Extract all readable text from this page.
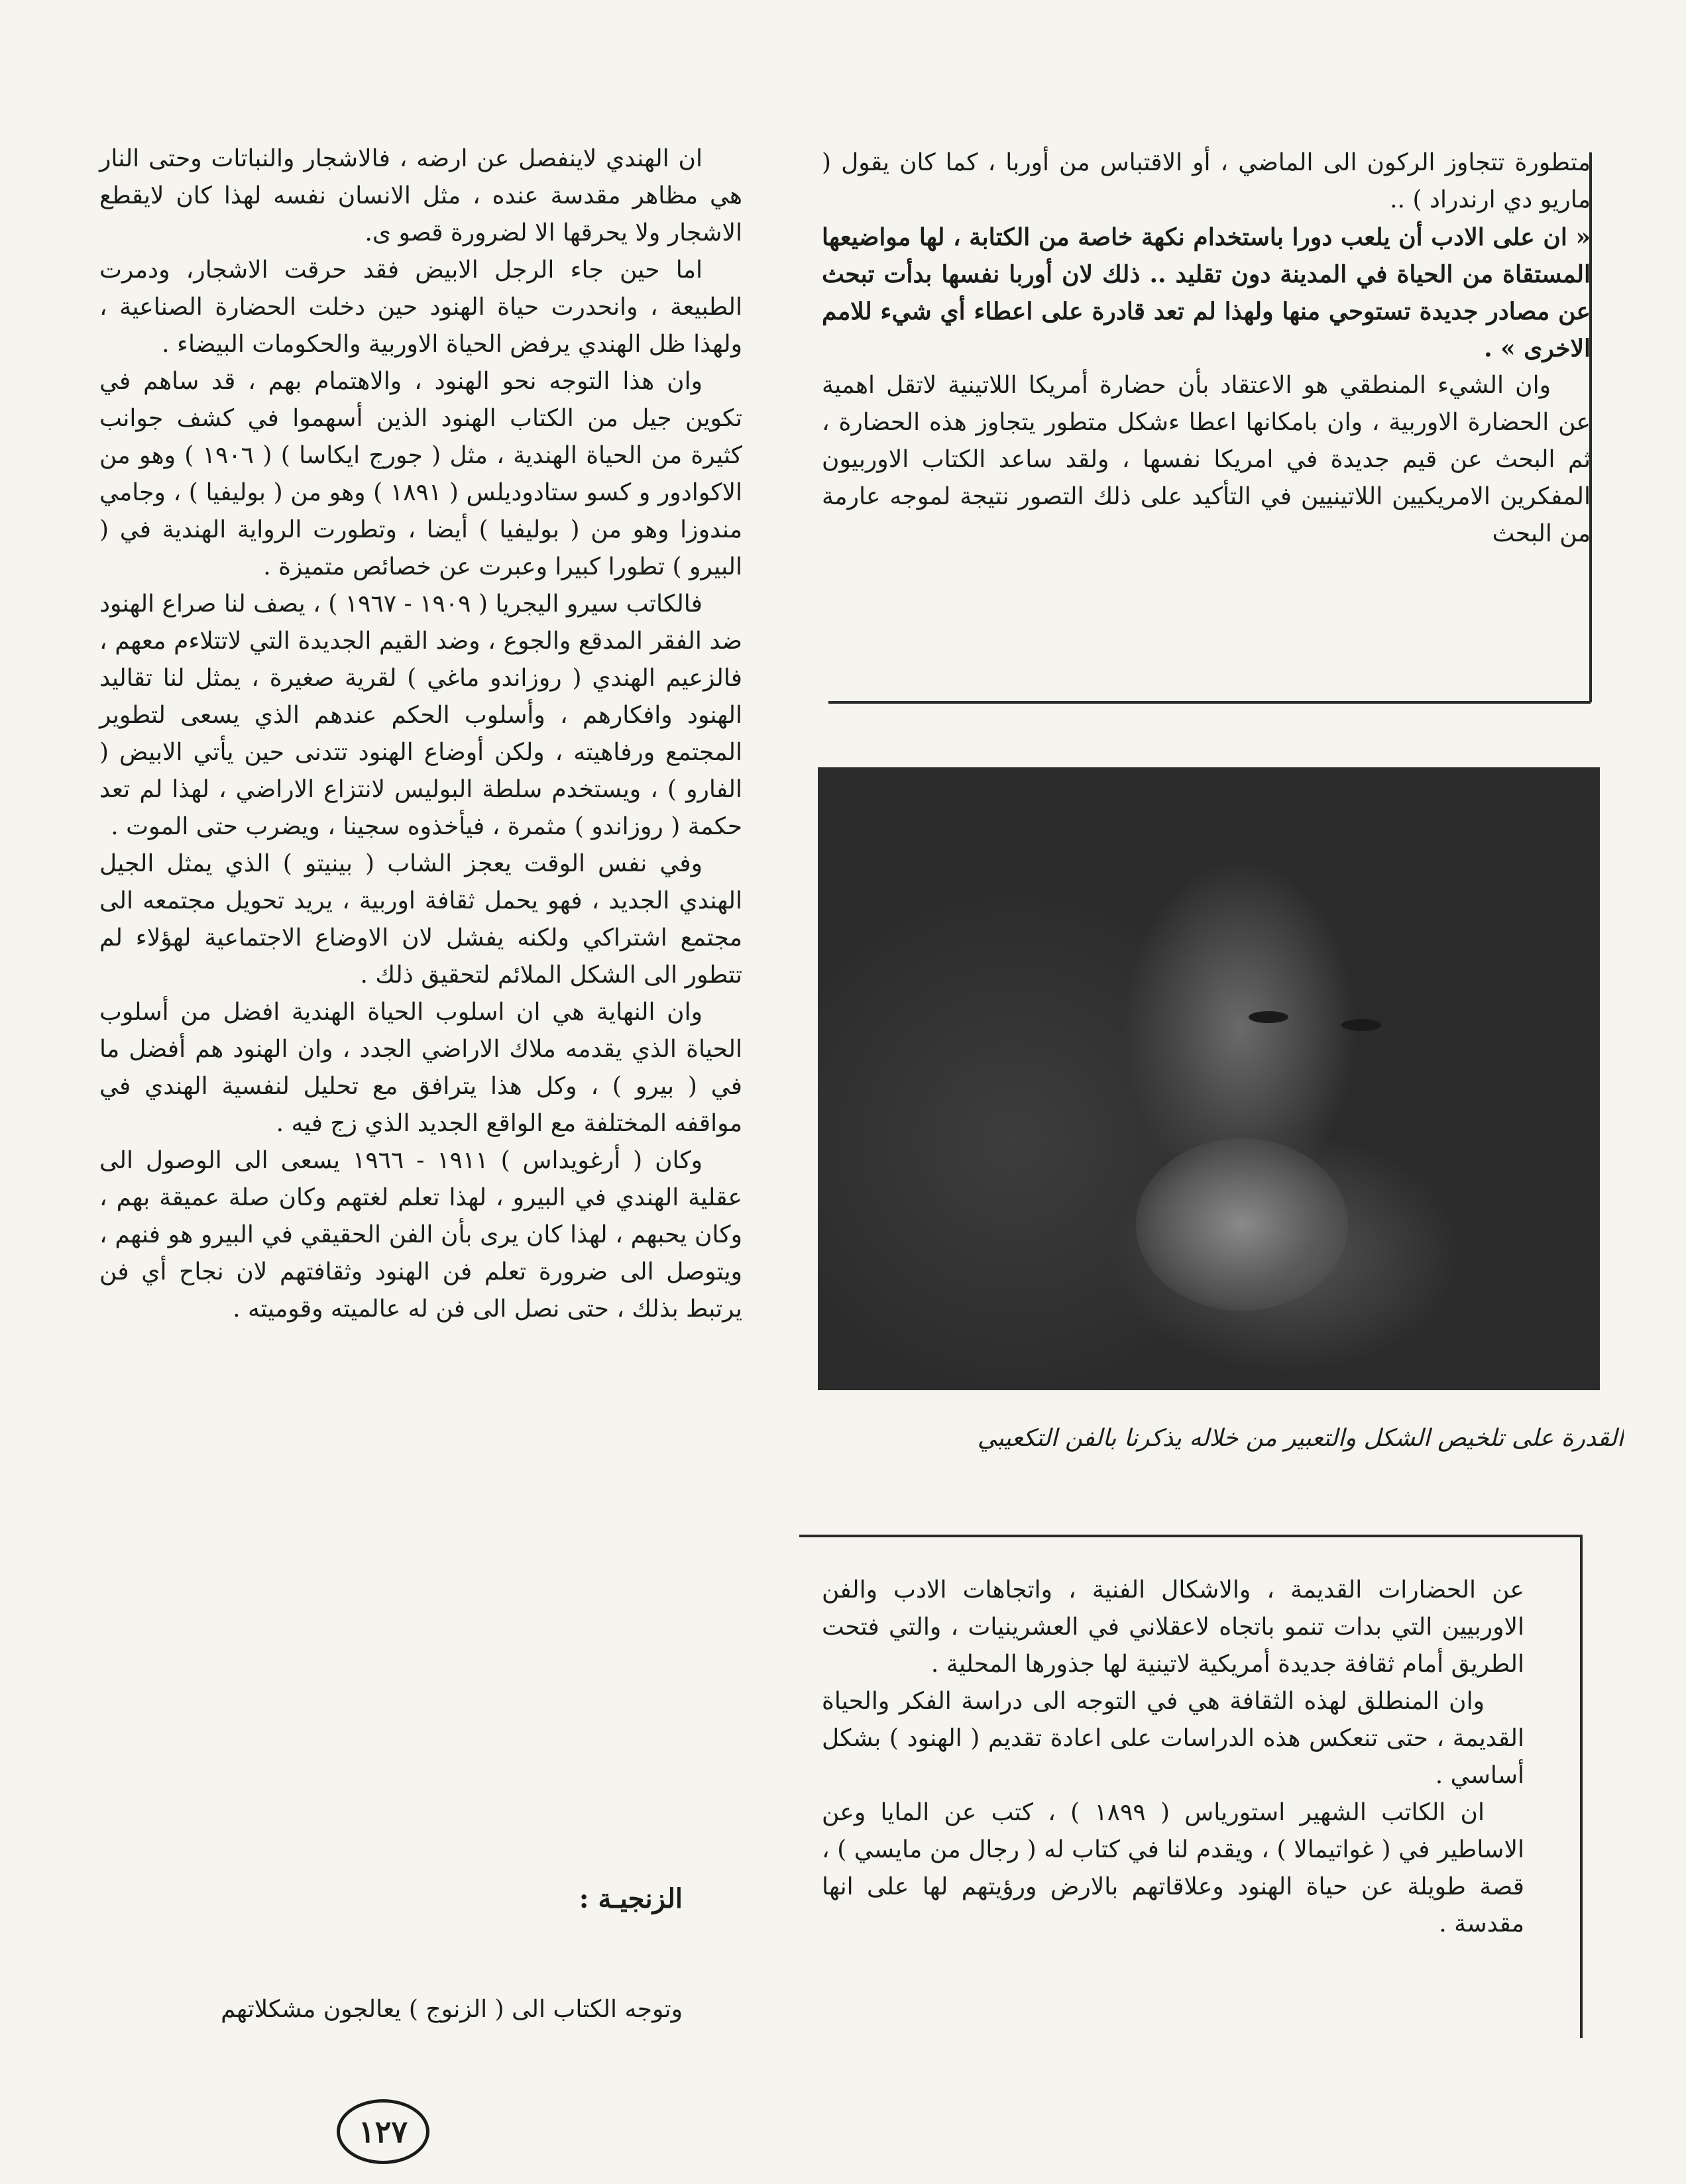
متطورة تتجاوز الركون الى الماضي ، أو الاقتباس من أوربا ، كما كان يقول ( ماريو دي ارندراد ) ..

« ان على الادب أن يلعب دورا باستخدام نكهة خاصة من الكتابة ، لها مواضيعها المستقاة من الحياة في المدينة دون تقليد .. ذلك لان أوربا نفسها بدأت تبحث عن مصادر جديدة تستوحي منها ولهذا لم تعد قادرة على اعطاء أي شيء للامم الاخرى » .

وان الشيء المنطقي هو الاعتقاد بأن حضارة أمريكا اللاتينية لاتقل اهمية عن الحضارة الاوربية ، وان بامكانها اعطا ءشكل متطور يتجاوز هذه الحضارة ، ثم البحث عن قيم جديدة في امريكا نفسها ، ولقد ساعد الكتاب الاوربيون المفكرين الامريكيين اللاتينيين في التأكيد على ذلك التصور نتيجة لموجه عارمة من البحث

القدرة على تلخيص الشكل والتعبير من خلاله يذكرنا بالفن التكعيبي

عن الحضارات القديمة ، والاشكال الفنية ، واتجاهات الادب والفن الاوربيين التي بدات تنمو باتجاه لاعقلاني في العشرينيات ، والتي فتحت الطريق أمام ثقافة جديدة أمريكية لاتينية لها جذورها المحلية .

وان المنطلق لهذه الثقافة هي في التوجه الى دراسة الفكر والحياة القديمة ، حتى تنعكس هذه الدراسات على اعادة تقديم ( الهنود ) بشكل أساسي .

ان الكاتب الشهير استورياس ( ١٨٩٩ ) ، كتب عن المايا وعن الاساطير في ( غواتيمالا ) ، ويقدم لنا في كتاب له ( رجال من مايسي ) ، قصة طويلة عن حياة الهنود وعلاقاتهم بالارض ورؤيتهم لها على انها مقدسة .

ان الهندي لاينفصل عن ارضه ، فالاشجار والنباتات وحتى النار هي مظاهر مقدسة عنده ، مثل الانسان نفسه لهذا كان لايقطع الاشجار ولا يحرقها الا لضرورة قصو ى.

اما حين جاء الرجل الابيض فقد حرقت الاشجار، ودمرت الطبيعة ، وانحدرت حياة الهنود حين دخلت الحضارة الصناعية ، ولهذا ظل الهندي يرفض الحياة الاوربية والحكومات البيضاء .

وان هذا التوجه نحو الهنود ، والاهتمام بهم ، قد ساهم في تكوين جيل من الكتاب الهنود الذين أسهموا في كشف جوانب كثيرة من الحياة الهندية ، مثل ( جورج ايكاسا ) ( ١٩٠٦ ) وهو من الاكوادور و كسو ستادوديلس ( ١٨٩١ ) وهو من ( بوليفيا ) ، وجامي مندوزا وهو من ( بوليفيا ) أيضا ، وتطورت الرواية الهندية في ( البيرو ) تطورا كبيرا وعبرت عن خصائص متميزة .

فالكاتب سيرو اليجريا ( ١٩٠٩ - ١٩٦٧ ) ، يصف لنا صراع الهنود ضد الفقر المدقع والجوع ، وضد القيم الجديدة التي لاتتلاءم معهم ، فالزعيم الهندي ( روزاندو ماغي ) لقرية صغيرة ، يمثل لنا تقاليد الهنود وافكارهم ، وأسلوب الحكم عندهم الذي يسعى لتطوير المجتمع ورفاهيته ، ولكن أوضاع الهنود تتدنى حين يأتي الابيض ( الفارو ) ، ويستخدم سلطة البوليس لانتزاع الاراضي ، لهذا لم تعد حكمة ( روزاندو ) مثمرة ، فيأخذوه سجينا ، ويضرب حتى الموت .

وفي نفس الوقت يعجز الشاب ( بينيتو ) الذي يمثل الجيل الهندي الجديد ، فهو يحمل ثقافة اوربية ، يريد تحويل مجتمعه الى مجتمع اشتراكي ولكنه يفشل لان الاوضاع الاجتماعية لهؤلاء لم تتطور الى الشكل الملائم لتحقيق ذلك .

وان النهاية هي ان اسلوب الحياة الهندية افضل من أسلوب الحياة الذي يقدمه ملاك الاراضي الجدد ، وان الهنود هم أفضل ما في ( بيرو ) ، وكل هذا يترافق مع تحليل لنفسية الهندي في مواقفه المختلفة مع الواقع الجديد الذي زج فيه .

وكان ( أرغويداس ) ١٩١١ - ١٩٦٦ يسعى الى الوصول الى عقلية الهندي في البيرو ، لهذا تعلم لغتهم وكان صلة عميقة بهم ، وكان يحبهم ، لهذا كان يرى بأن الفن الحقيقي في البيرو هو فنهم ، ويتوصل الى ضرورة تعلم فن الهنود وثقافتهم لان نجاح أي فن يرتبط بذلك ، حتى نصل الى فن له عالميته وقوميته .

الزنجيـة :
وتوجه الكتاب الى ( الزنوج ) يعالجون مشكلاتهم
١٢٧
